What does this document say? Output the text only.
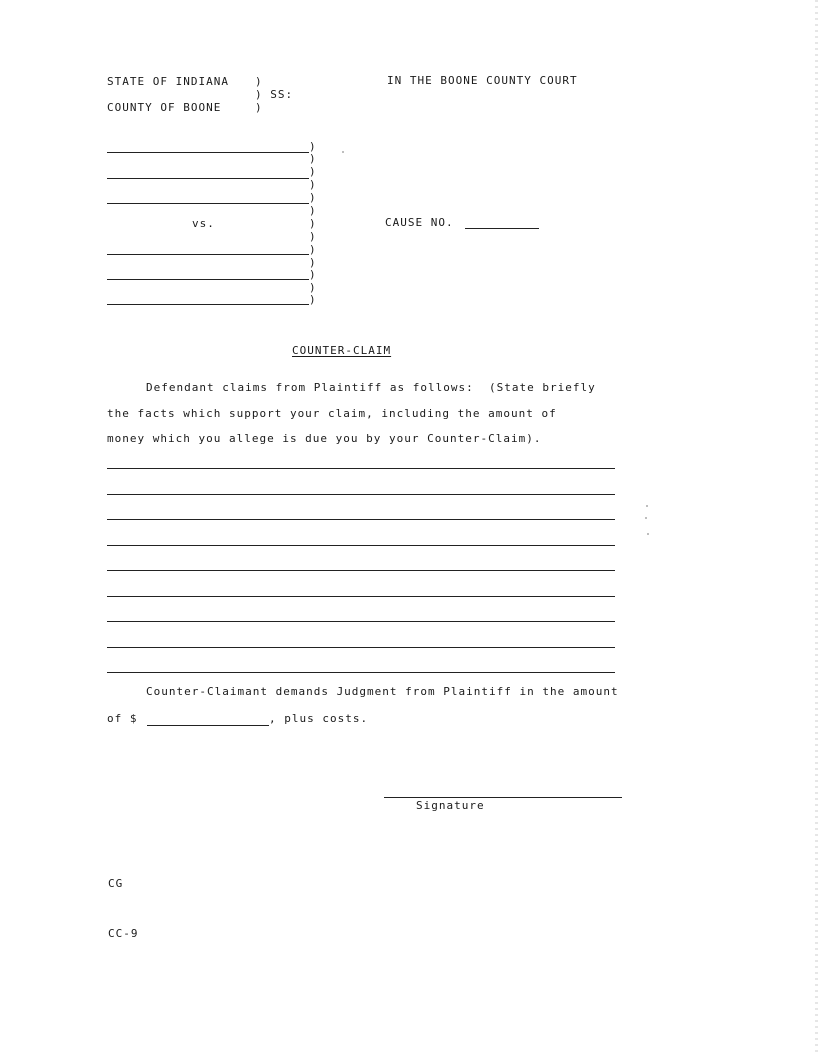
STATE OF INDIANA )
) SS:
COUNTY OF BOONE	)
IN THE BOONE COUNTY COURT
vs.
)
)
)
)
)
)
)
)
)
)
)
)
)
CAUSE NO.
COUNTER-CLAIM
Defendant claims from Plaintiff as follows:  (State briefly
the facts which support your claim, including the amount of
money which you allege is due you by your Counter-Claim).
Counter-Claimant demands Judgment from Plaintiff in the amount
of $	, plus costs.
Signature
CG
CC-9
